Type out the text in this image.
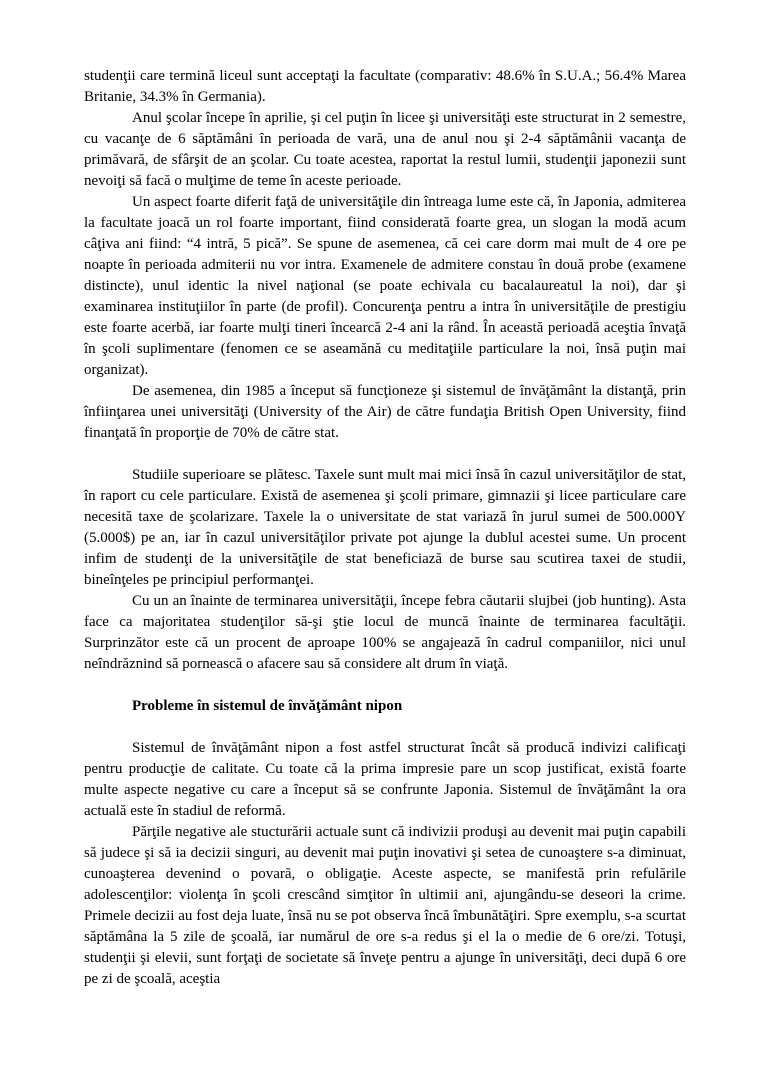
studenţii care termină liceul sunt acceptaţi la facultate (comparativ: 48.6% în S.U.A.; 56.4% Marea Britanie, 34.3% în Germania).

Anul şcolar începe în aprilie, şi cel puţin în licee şi universităţi este structurat in 2 semestre, cu vacanţe de 6 săptămâni în perioada de vară, una de anul nou şi 2-4 săptămânii vacanţa de primăvară, de sfârşit de an şcolar. Cu toate acestea, raportat la restul lumii, studenţii japonezii sunt nevoiţi să facă o mulţime de teme în aceste perioade.

Un aspect foarte diferit faţă de universităţile din întreaga lume este că, în Japonia, admiterea la facultate joacă un rol foarte important, fiind considerată foarte grea, un slogan la modă acum câţiva ani fiind: “4 intră, 5 pică”. Se spune de asemenea, că cei care dorm mai mult de 4 ore pe noapte în perioada admiterii nu vor intra. Examenele de admitere constau în două probe (examene distincte), unul identic la nivel naţional (se poate echivala cu bacalaureatul la noi), dar şi examinarea instituţiilor în parte (de profil). Concurenţa pentru a intra în universităţile de prestigiu este foarte acerbă, iar foarte mulţi tineri încearcă 2-4 ani la rând. În această perioadă aceştia învaţă în şcoli suplimentare (fenomen ce se aseamănă cu meditaţiile particulare la noi, însă puţin mai organizat).

De asemenea, din 1985 a început să funcţioneze şi sistemul de învăţământ la distanţă, prin înfiinţarea unei universităţi (University of the Air) de către fundaţia British Open University, fiind finanţată în proporţie de 70% de către stat.

Studiile superioare se plătesc. Taxele sunt mult mai mici însă în cazul universităţilor de stat, în raport cu cele particulare. Există de asemenea şi şcoli primare, gimnazii şi licee particulare care necesită taxe de şcolarizare. Taxele la o universitate de stat variază în jurul sumei de 500.000Y (5.000$) pe an, iar în cazul universităţilor private pot ajunge la dublul acestei sume. Un procent infim de studenţi de la universităţile de stat beneficiază de burse sau scutirea taxei de studii, bineînţeles pe principiul performanţei.

Cu un an înainte de terminarea universităţii, începe febra căutarii slujbei (job hunting). Asta face ca majoritatea studenţilor să-şi ştie locul de muncă înainte de terminarea facultăţii. Surprinzător este că un procent de aproape 100% se angajează în cadrul companiilor, nici unul neîndrăznind să pornească o afacere sau să considere alt drum în viaţă.

Probleme în sistemul de învăţământ nipon

Sistemul de învăţământ nipon a fost astfel structurat încât să producă indivizi calificaţi pentru producţie de calitate. Cu toate că la prima impresie pare un scop justificat, există foarte multe aspecte negative cu care a început să se confrunte Japonia. Sistemul de învăţământ la ora actuală este în stadiul de reformă.

Părţile negative ale stucturării actuale sunt că indivizii produşi au devenit mai puţin capabili să judece şi să ia decizii singuri, au devenit mai puţin inovativi şi setea de cunoaştere s-a diminuat, cunoaşterea devenind o povară, o obligaţie. Aceste aspecte, se manifestă prin refulările adolescenţilor: violenţa în şcoli crescând simţitor în ultimii ani, ajungându-se deseori la crime. Primele decizii au fost deja luate, însă nu se pot observa încă îmbunătăţiri. Spre exemplu, s-a scurtat săptămâna la 5 zile de şcoală, iar numărul de ore s-a redus şi el la o medie de 6 ore/zi. Totuşi, studenţii şi elevii, sunt forţaţi de societate să înveţe pentru a ajunge în universităţi, deci după 6 ore pe zi de şcoală, aceştia
